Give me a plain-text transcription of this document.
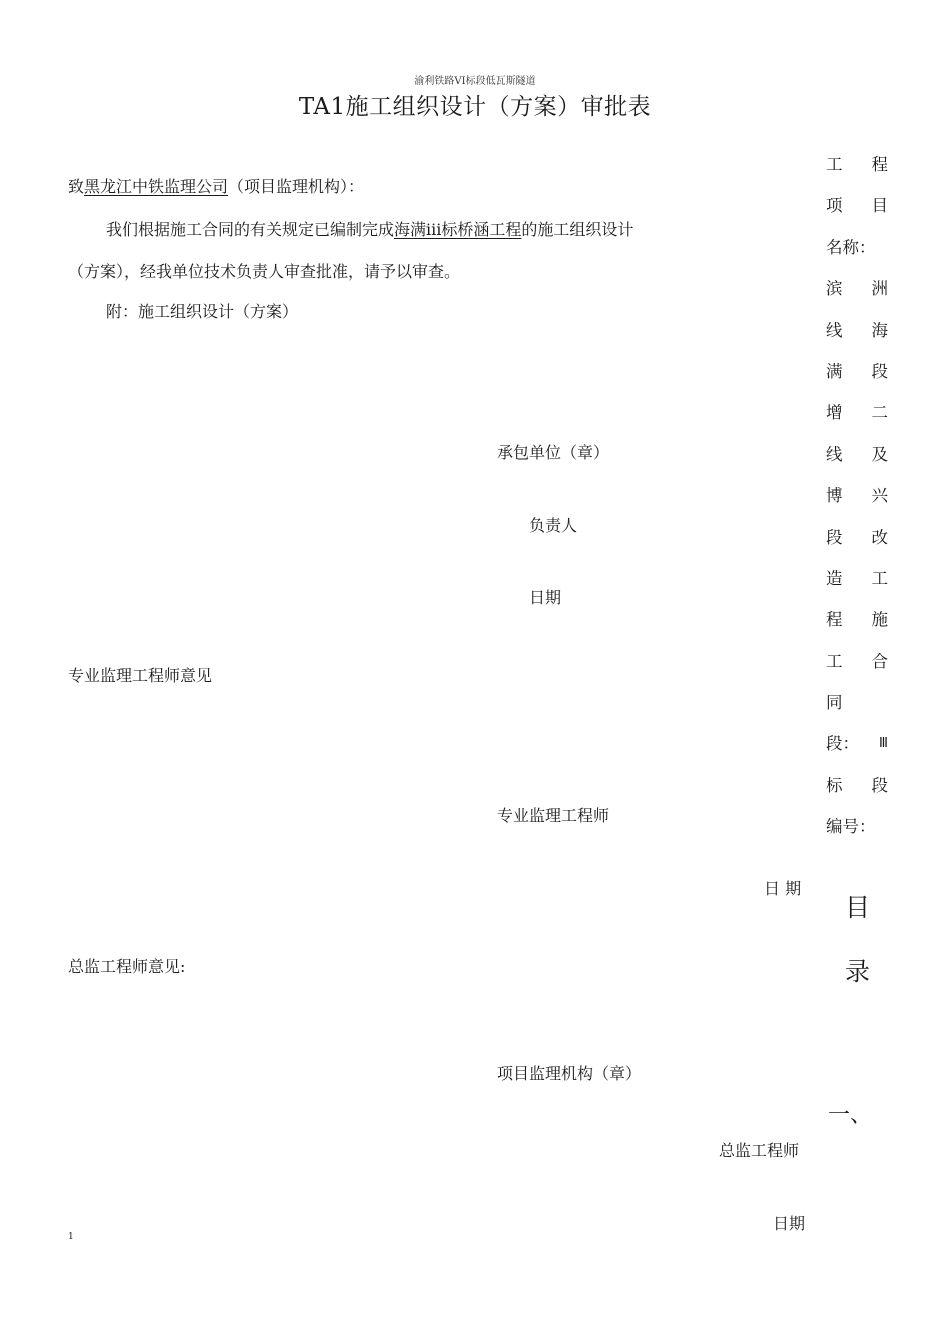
渝利铁路VI标段低瓦斯隧道
TA1施工组织设计（方案）审批表
致黑龙江中铁监理公司（项目监理机构）：
我们根据施工合同的有关规定已编制完成海满iii标桥涵工程的施工组织设计
（方案），经我单位技术负责人审查批准，请予以审查。
附：施工组织设计（方案）
承包单位（章）
负责人
日期
专业监理工程师意见
专业监理工程师
日 期
总监工程师意见:
项目监理机构（章）
总监工程师
日期
工 程
项 目
名称：
滨 洲
线 海
满 段
增 二
线 及
博 兴
段 改
造 工
程 施
工 合
同
段： Ⅲ
标 段
编号：
目
录
一、
1
